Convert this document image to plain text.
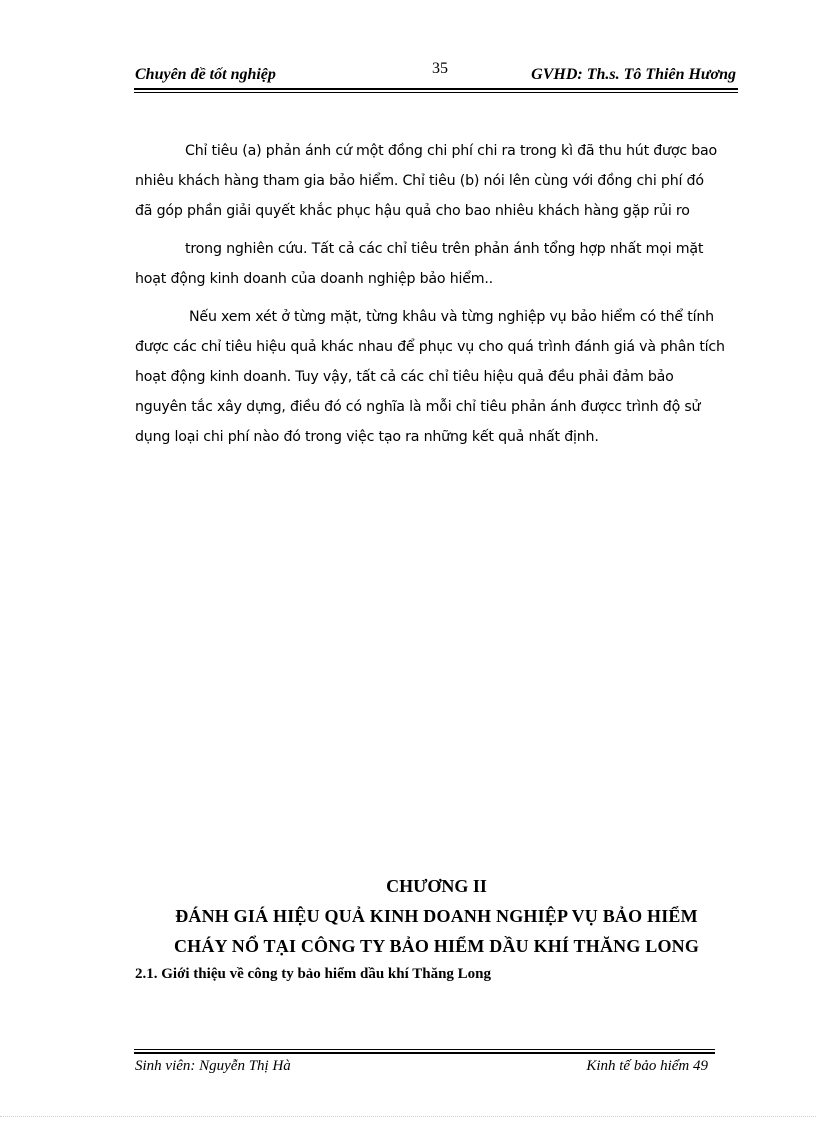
35
Chuyên đề tốt nghiệp	GVHD: Th.s. Tô Thiên Hương
Chỉ tiêu (a) phản ánh cứ một đồng chi phí chi ra trong kì đã thu hút được bao
nhiêu khách hàng tham gia bảo hiểm. Chỉ tiêu (b) nói lên cùng với đồng chi phí đó
đã góp phần giải quyết khắc phục hậu quả cho bao nhiêu khách hàng gặp rủi ro
trong nghiên cứu. Tất cả các chỉ tiêu trên phản ánh tổng hợp nhất mọi mặt
hoạt động kinh doanh của doanh nghiệp bảo hiểm..
Nếu xem xét ở từng mặt, từng khâu và từng nghiệp vụ bảo hiểm có thể tính
được các chỉ tiêu hiệu quả khác nhau để phục vụ cho quá trình đánh giá và phân tích
hoạt động kinh doanh. Tuy vậy, tất cả các chỉ tiêu hiệu quả đều phải đảm bảo
nguyên tắc xây dựng, điều đó có nghĩa là mỗi chỉ tiêu phản ánh đượcc trình độ sử
dụng loại chi phí nào đó trong việc tạo ra những kết quả nhất định.
CHƯƠNG II
ĐÁNH GIÁ HIỆU QUẢ KINH DOANH NGHIỆP VỤ BẢO HIỂM
CHÁY NỔ TẠI CÔNG TY BẢO HIỂM DẦU KHÍ THĂNG LONG
2.1. Giới thiệu về công ty bảo hiểm dầu khí Thăng Long
Sinh viên: Nguyễn Thị Hà	Kinh tế bảo hiểm 49
